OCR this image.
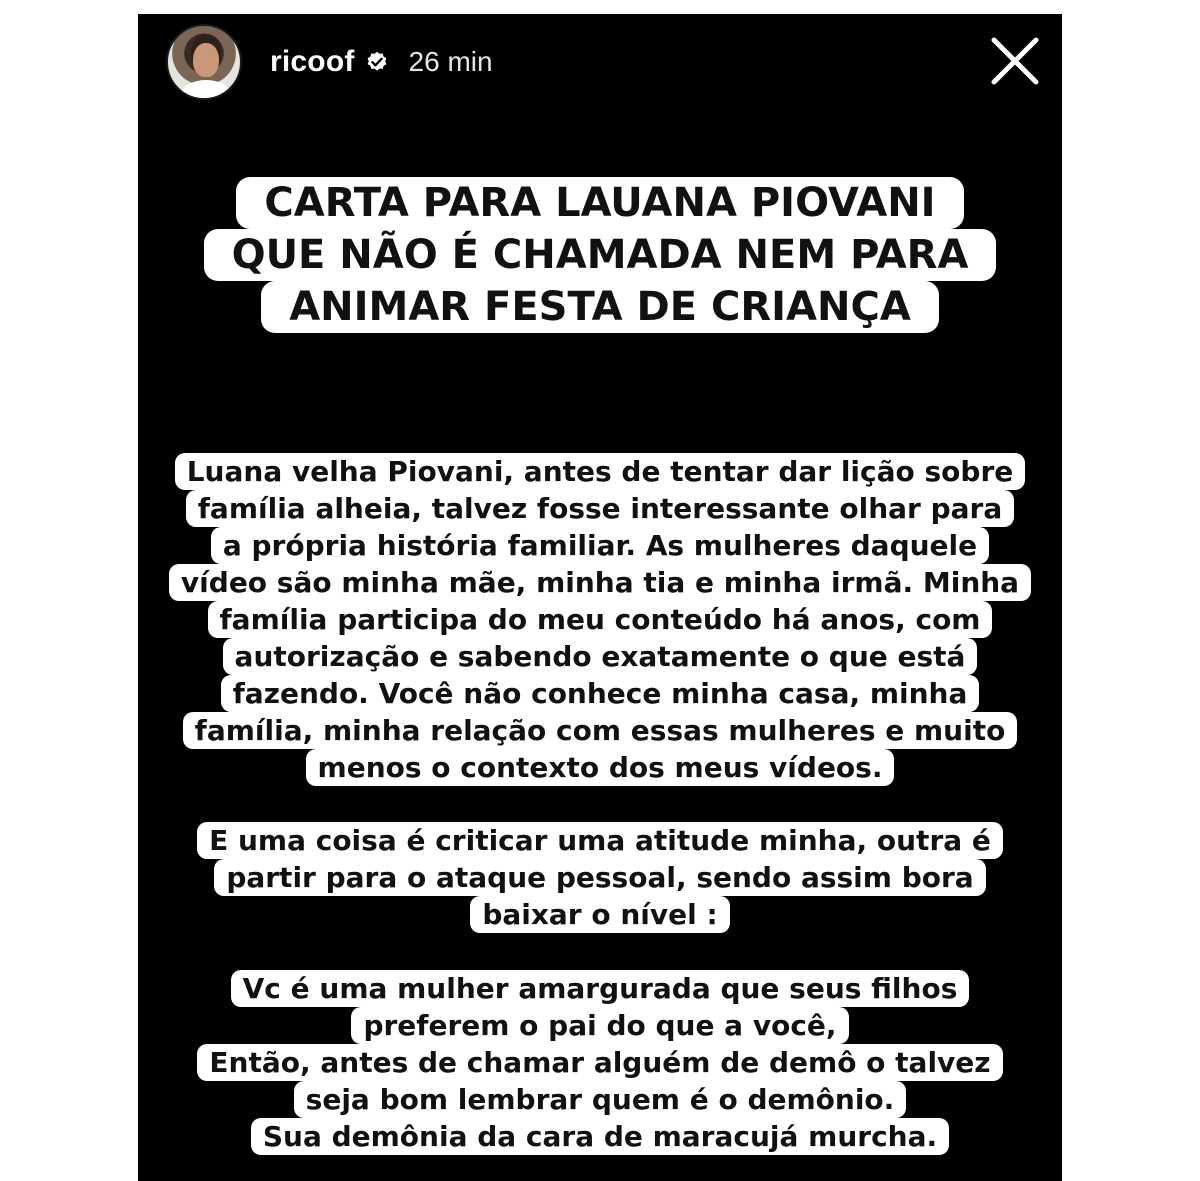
ricoof 26 min
CARTA PARA LAUANA PIOVANI
QUE NÃO É CHAMADA NEM PARA
ANIMAR FESTA DE CRIANÇA
Luana velha Piovani, antes de tentar dar lição sobre
família alheia, talvez fosse interessante olhar para
a própria história familiar. As mulheres daquele
vídeo são minha mãe, minha tia e minha irmã. Minha
família participa do meu conteúdo há anos, com
autorização e sabendo exatamente o que está
fazendo. Você não conhece minha casa, minha
família, minha relação com essas mulheres e muito
menos o contexto dos meus vídeos.
E uma coisa é criticar uma atitude minha, outra é
partir para o ataque pessoal, sendo assim bora
baixar o nível :
Vc é uma mulher amargurada que seus filhos
preferem o pai do que a você,
Então, antes de chamar alguém de demô o talvez
seja bom lembrar quem é o demônio.
Sua demônia da cara de maracujá murcha.
